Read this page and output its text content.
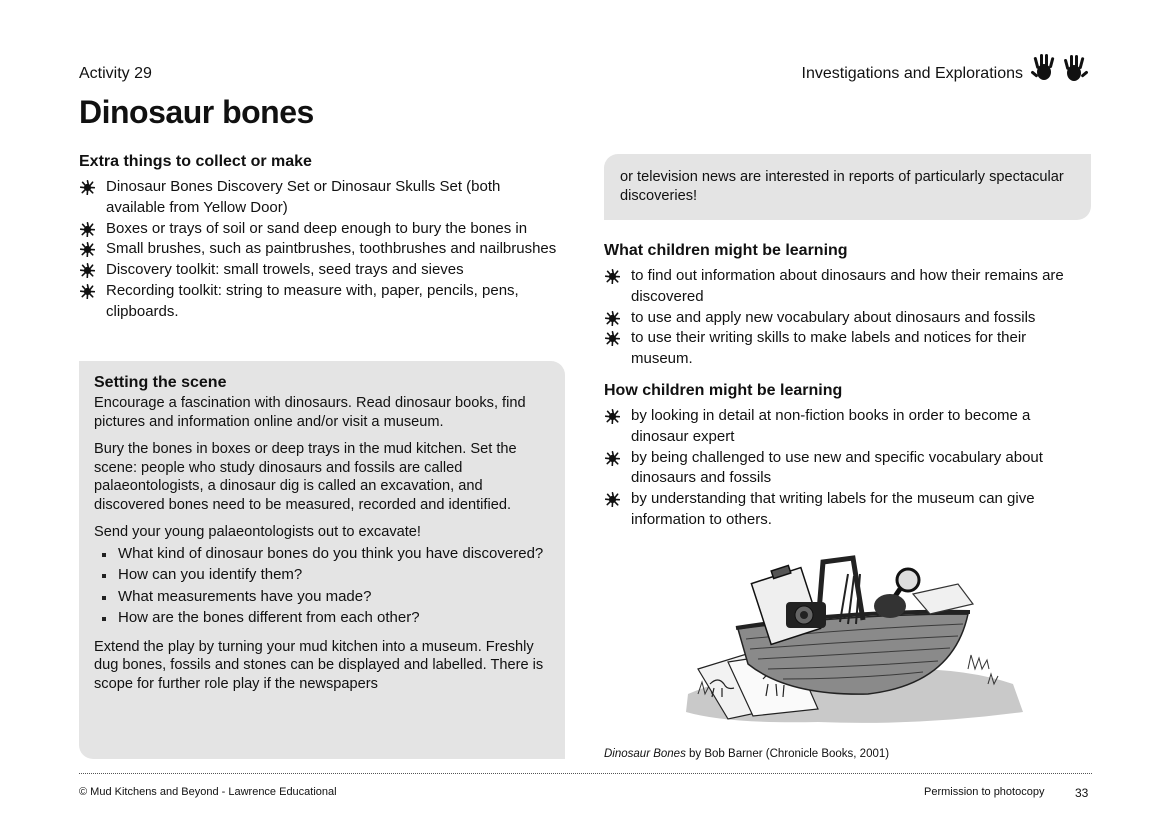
Activity 29	Investigations and Explorations
Dinosaur bones
Extra things to collect or make
Dinosaur Bones Discovery Set or Dinosaur Skulls Set (both available from Yellow Door)
Boxes or trays of soil or sand deep enough to bury the bones in
Small brushes, such as paintbrushes, toothbrushes and nailbrushes
Discovery toolkit: small trowels, seed trays and sieves
Recording toolkit: string to measure with, paper, pencils, pens, clipboards.
Setting the scene

Encourage a fascination with dinosaurs. Read dinosaur books, find pictures and information online and/or visit a museum.

Bury the bones in boxes or deep trays in the mud kitchen. Set the scene: people who study dinosaurs and fossils are called palaeontologists, a dinosaur dig is called an excavation, and discovered bones need to be measured, recorded and identified.

Send your young palaeontologists out to excavate!

What kind of dinosaur bones do you think you have discovered?
How can you identify them?
What measurements have you made?
How are the bones different from each other?

Extend the play by turning your mud kitchen into a museum. Freshly dug bones, fossils and stones can be displayed and labelled. There is scope for further role play if the newspapers

or television news are interested in reports of particularly spectacular discoveries!

What children might be learning
to find out information about dinosaurs and how their remains are discovered
to use and apply new vocabulary about dinosaurs and fossils
to use their writing skills to make labels and notices for their museum.
How children might be learning
by looking in detail at non-fiction books in order to become a dinosaur expert
by being challenged to use new and specific vocabulary about dinosaurs and fossils
by understanding that writing labels for the museum can give information to others.
Dinosaur Bones by Bob Barner (Chronicle Books, 2001)
© Mud Kitchens and Beyond - Lawrence Educational	Permission to photocopy	33
